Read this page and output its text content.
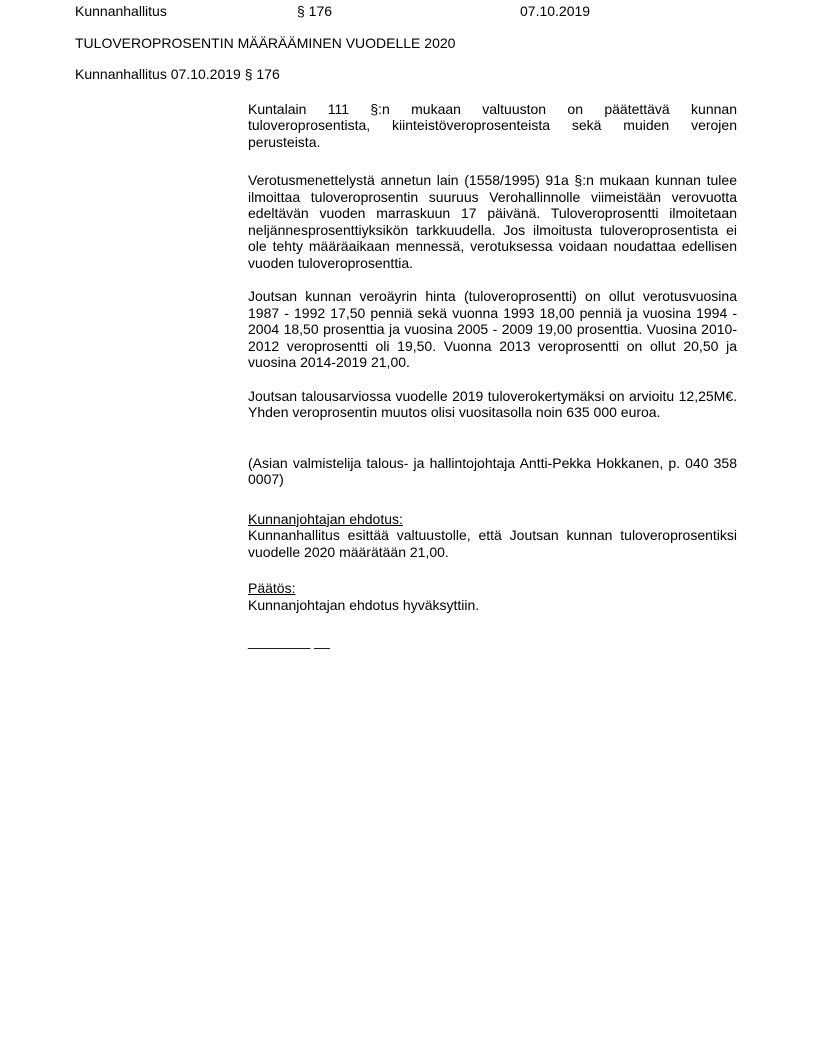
Kunnanhallitus	§ 176	07.10.2019
TULOVEROPROSENTIN MÄÄRÄÄMINEN VUODELLE 2020
Kunnanhallitus 07.10.2019 § 176
Kuntalain 111 §:n mukaan valtuuston on päätettävä kunnan tuloveroprosentista, kiinteistöveroprosenteista sekä muiden verojen perusteista.
Verotusmenettelystä annetun lain (1558/1995) 91a §:n mukaan kunnan tulee ilmoittaa tuloveroprosentin suuruus Verohallinnolle viimeistään verovuotta edeltävän vuoden marraskuun 17 päivänä. Tuloveroprosentti ilmoitetaan neljännesprosenttiyksikön tarkkuudella. Jos ilmoitusta tuloveroprosentista ei ole tehty määräaikaan mennessä, verotuksessa voidaan noudattaa edellisen vuoden tuloveroprosenttia.
Joutsan kunnan veroäyrin hinta (tuloveroprosentti) on ollut verotusvuosina 1987 - 1992 17,50 penniä sekä vuonna 1993 18,00 penniä ja vuosina 1994 - 2004 18,50 prosenttia ja vuosina 2005 - 2009 19,00 prosenttia. Vuosina 2010-2012 veroprosentti oli 19,50. Vuonna 2013 veroprosentti on ollut 20,50 ja vuosina 2014-2019 21,00.
Joutsan talousarviossa vuodelle 2019 tuloverokertymäksi on arvioitu 12,25M€. Yhden veroprosentin muutos olisi vuositasolla noin 635 000 euroa.
(Asian valmistelija talous- ja hallintojohtaja Antti-Pekka Hokkanen, p. 040 358 0007)
Kunnanjohtajan ehdotus:
Kunnanhallitus esittää valtuustolle, että Joutsan kunnan tuloveroprosentiksi vuodelle 2020 määrätään 21,00.
Päätös:
Kunnanjohtajan ehdotus hyväksyttiin.
________ __
